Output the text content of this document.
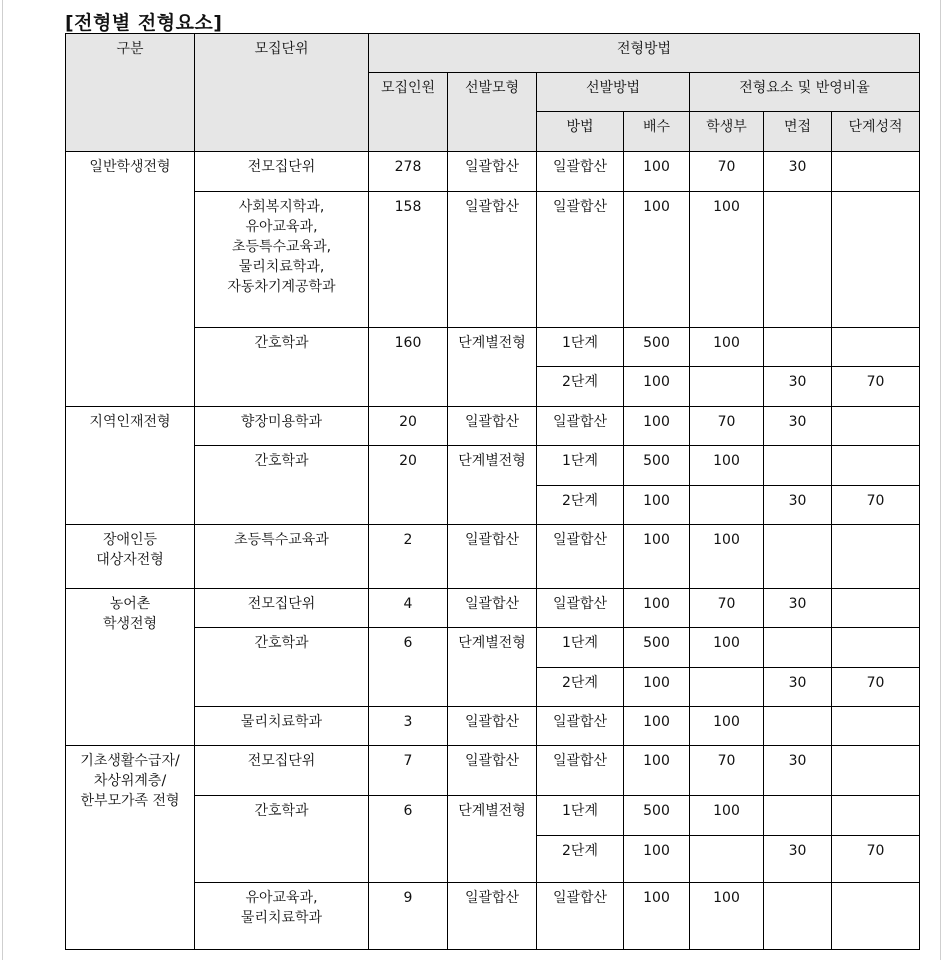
[전형별 전형요소]
구분	모집단위	전형방법						
		모집인원	선발모형	선발방법		전형요소 및 반영비율		
				방법	배수	학생부	면접	단계성적
일반학생전형	전모집단위	278	일괄합산	일괄합산	100	70	30	
	사회복지학과,
유아교육과,
초등특수교육과,
물리치료학과,
자동차기계공학과	158	일괄합산	일괄합산	100	100		
	간호학과	160	단계별전형	1단계	500	100		
				2단계	100		30	70
지역인재전형	향장미용학과	20	일괄합산	일괄합산	100	70	30	
	간호학과	20	단계별전형	1단계	500	100		
				2단계	100		30	70
장애인등
대상자전형	초등특수교육과	2	일괄합산	일괄합산	100	100		
농어촌
학생전형	전모집단위	4	일괄합산	일괄합산	100	70	30	
	간호학과	6	단계별전형	1단계	500	100		
				2단계	100		30	70
	물리치료학과	3	일괄합산	일괄합산	100	100		
기초생활수급자/
차상위계층/
한부모가족 전형	전모집단위	7	일괄합산	일괄합산	100	70	30	
	간호학과	6	단계별전형	1단계	500	100		
				2단계	100		30	70
	유아교육과,
물리치료학과	9	일괄합산	일괄합산	100	100		
